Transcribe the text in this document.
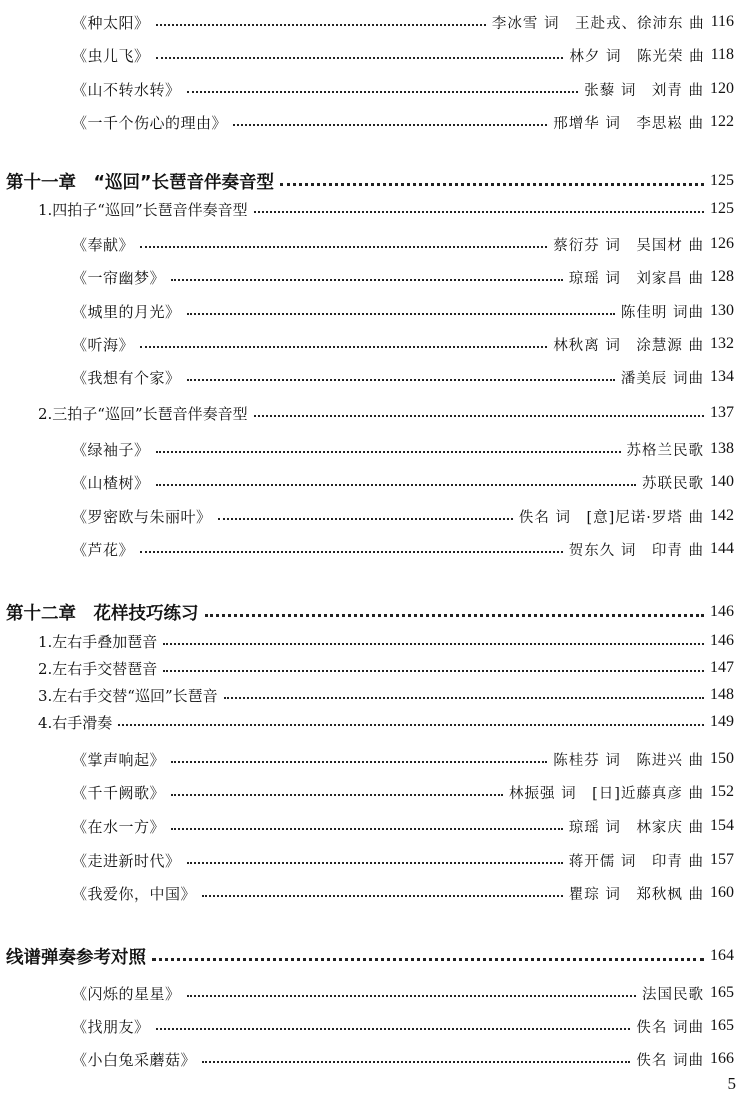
《种太阳》	李冰雪 词　王赴戎、徐沛东 曲 116
《虫儿飞》	林夕 词　陈光荣 曲 118
《山不转水转》	张藜 词　刘青 曲 120
《一千个伤心的理由》	邢增华 词　李思崧 曲 122
第十一章　“巡回”长琶音伴奏音型	125
1.四拍子“巡回”长琶音伴奏音型	125
《奉献》	蔡衍芬 词　吴国材 曲 126
《一帘幽梦》	琼瑶 词　刘家昌 曲 128
《城里的月光》	陈佳明 词曲 130
《听海》	林秋离 词　涂慧源 曲 132
《我想有个家》	潘美辰 词曲 134
2.三拍子“巡回”长琶音伴奏音型	137
《绿袖子》	苏格兰民歌 138
《山楂树》	苏联民歌 140
《罗密欧与朱丽叶》	佚名 词　[意]尼诺·罗塔 曲 142
《芦花》	贺东久 词　印青 曲 144
第十二章　花样技巧练习	146
1.左右手叠加琶音	146
2.左右手交替琶音	147
3.左右手交替“巡回”长琶音	148
4.右手滑奏	149
《掌声响起》	陈桂芬 词　陈进兴 曲 150
《千千阙歌》	林振强 词　[日]近藤真彦 曲 152
《在水一方》	琼瑶 词　林家庆 曲 154
《走进新时代》	蒋开儒 词　印青 曲 157
《我爱你，中国》	瞿琮 词　郑秋枫 曲 160
线谱弹奏参考对照	164
《闪烁的星星》	法国民歌 165
《找朋友》	佚名 词曲 165
《小白兔采蘑菇》	佚名 词曲 166
5
